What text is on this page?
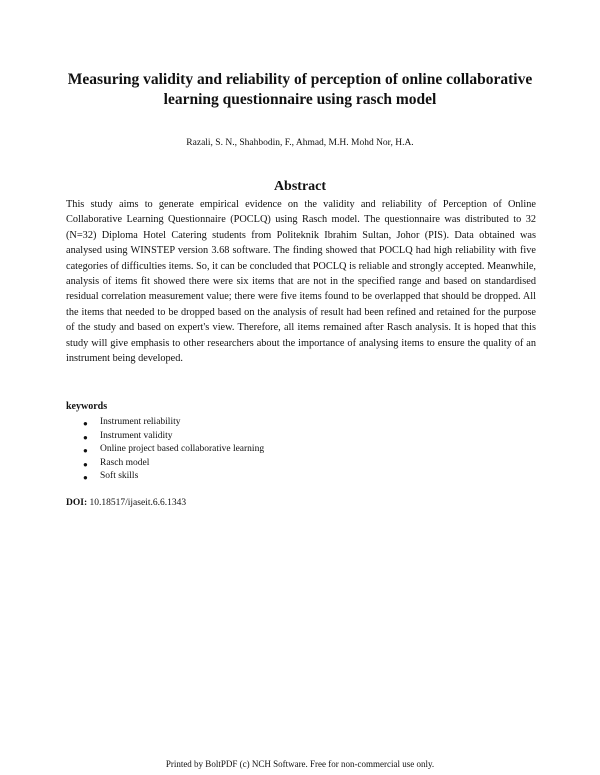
Measuring validity and reliability of perception of online collaborative learning questionnaire using rasch model
Razali, S. N., Shahbodin, F., Ahmad, M.H. Mohd Nor, H.A.
Abstract

This study aims to generate empirical evidence on the validity and reliability of Perception of Online Collaborative Learning Questionnaire (POCLQ) using Rasch model. The questionnaire was distributed to 32 (N=32) Diploma Hotel Catering students from Politeknik Ibrahim Sultan, Johor (PIS). Data obtained was analysed using WINSTEP version 3.68 software. The finding showed that POCLQ had high reliability with five categories of difficulties items. So, it can be concluded that POCLQ is reliable and strongly accepted. Meanwhile, analysis of items fit showed there were six items that are not in the specified range and based on standardised residual correlation measurement value; there were five items found to be overlapped that should be dropped. All the items that needed to be dropped based on the analysis of result had been refined and retained for the purpose of the study and based on expert's view. Therefore, all items remained after Rasch analysis. It is hoped that this study will give emphasis to other researchers about the importance of analysing items to ensure the quality of an instrument being developed.

keywords
● Instrument reliability
● Instrument validity
● Online project based collaborative learning
● Rasch model
● Soft skills
DOI: 10.18517/ijaseit.6.6.1343
Printed by BoltPDF (c) NCH Software. Free for non-commercial use only.
